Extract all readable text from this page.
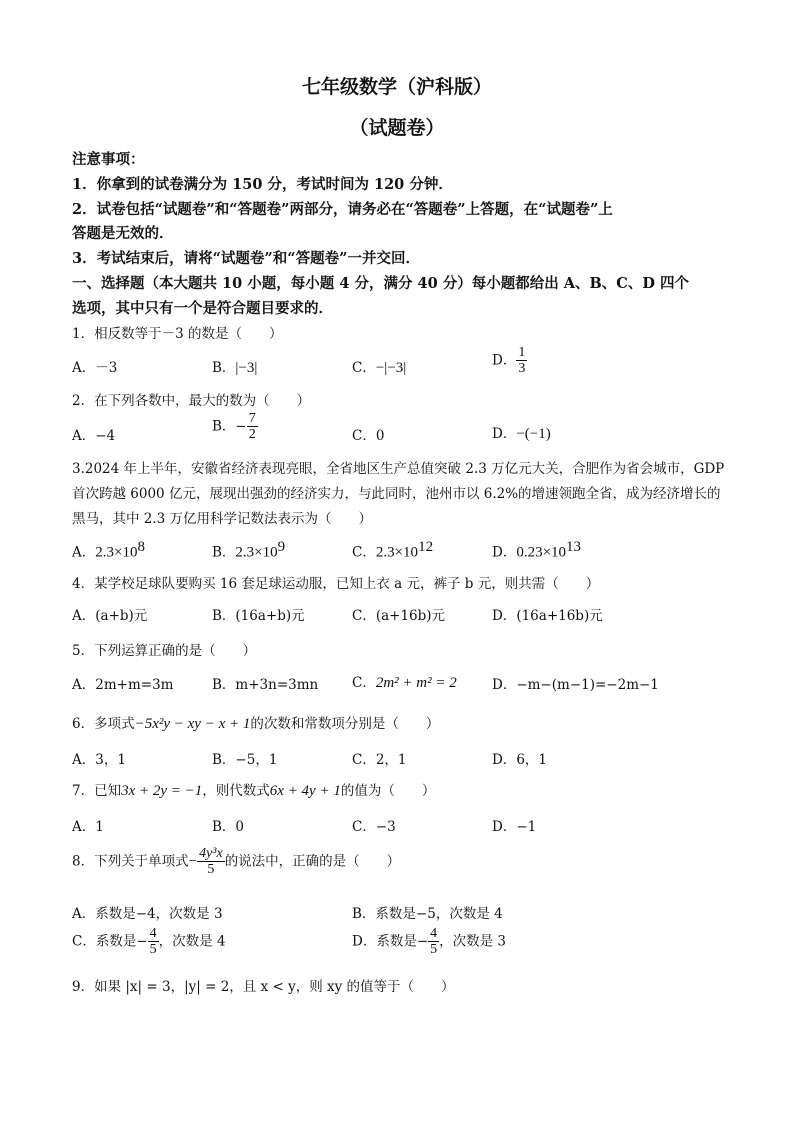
七年级数学（沪科版）
（试题卷）
注意事项：
1．你拿到的试卷满分为 150 分，考试时间为 120 分钟．
2．试卷包括“试题卷”和“答题卷”两部分，请务必在“答题卷”上答题，在“试题卷”上
答题是无效的．
3．考试结束后，请将“试题卷”和“答题卷”一并交回．
一、选择题（本大题共 10 小题，每小题 4 分，满分 40 分）每小题都给出 A、B、C、D 四个
选项，其中只有一个是符合题目要求的．
1．相反数等于－3 的数是（　　）
A．－3	B．|−3|	C．−|−3|	D． $\frac{1}{3}$
2．在下列各数中，最大的数为（　　）
A．−4
B．− $\frac{7}{2}$	C．0	D．−(−1)
3.2024 年上半年，安徽省经济表现亮眼，全省地区生产总值突破 2.3 万亿元大关，合肥作为省会城市，GDP
首次跨越 6000 亿元，展现出强劲的经济实力，与此同时，池州市以 6.2%的增速领跑全省，成为经济增长的
黑马，其中 2.3 万亿用科学记数法表示为（　　）
A．$2.3\times 10^8$	B．$2.3\times 10^9$	C．$2.3\times 10^{12}$	D．$0.23\times 10^{13}$
4．某学校足球队要购买 16 套足球运动服，已知上衣 a 元，裤子 b 元，则共需（　　）
A．(a+b)元	B．(16a+b)元	C．(a+16b)元	D．(16a+16b)元
5．下列运算正确的是（　　）
A．2m+m=3m	B．m+3n=3mn	C．2m² + m² = 2	D．−m−(m−1)=−2m−1
6．多项式−5x²y − xy − x + 1的次数和常数项分别是（　　）
A．3，1	B．−5，1	C．2，1	D．6，1
7．已知3x + 2y = −1，则代数式6x + 4y + 1的值为（　　）
A．1	B．0	C．−3	D．−1
8．下列关于单项式− $\frac{\text{4y³x}}{5}$ 的说法中，正确的是（　　）
A．系数是−4，次数是 3	B．系数是−5，次数是 4
C．系数是− $\frac{4}{5}$ ，次数是 4	D．系数是− $\frac{4}{5}$ ，次数是 3
9．如果 |x| = 3，|y| = 2，且 x < y，则 xy 的值等于（　　）
